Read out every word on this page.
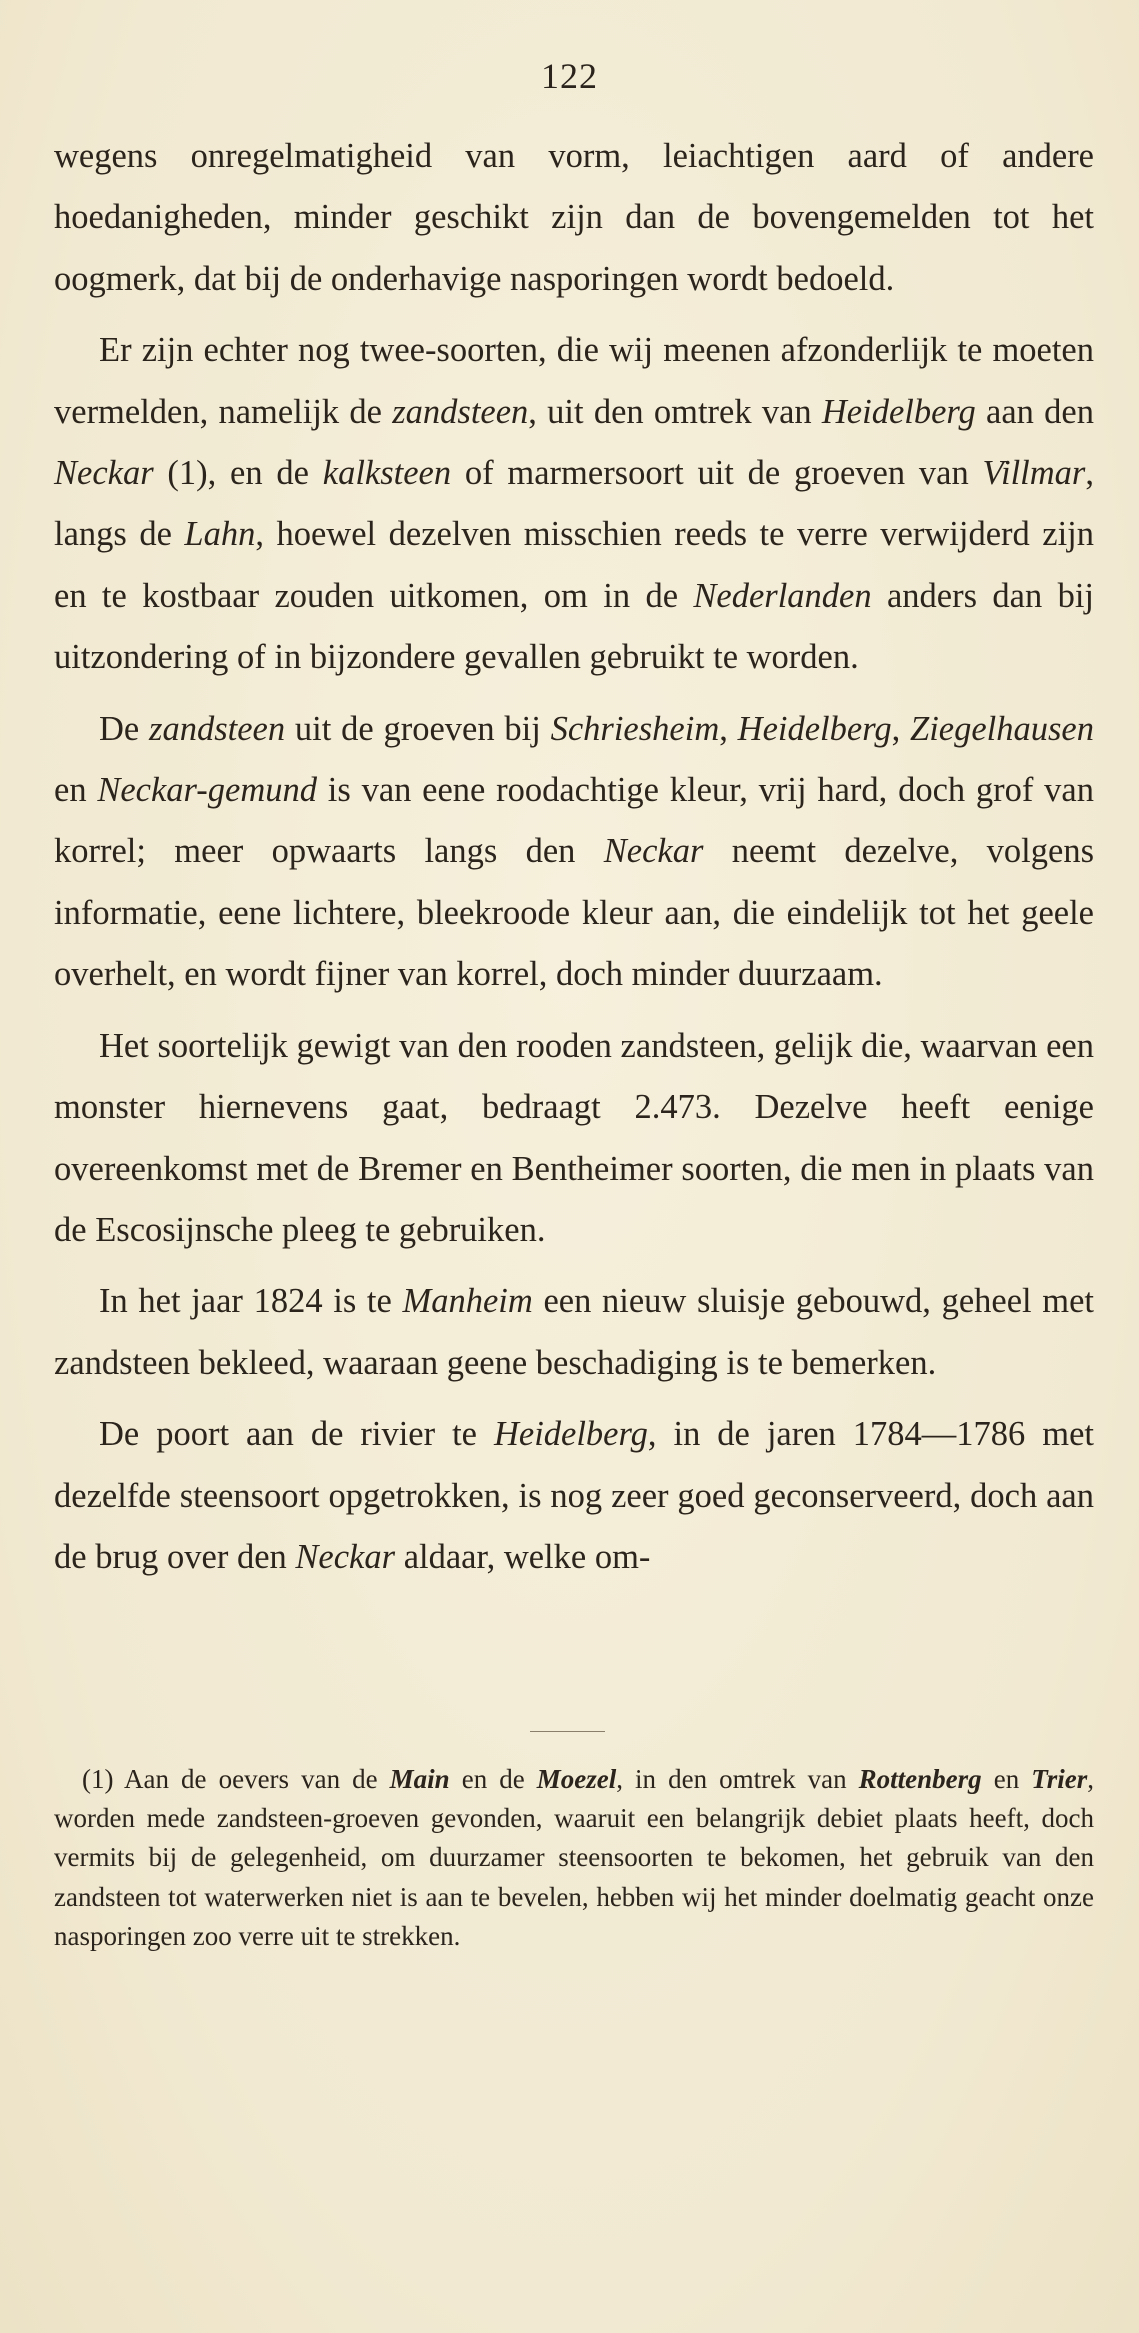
122

wegens onregelmatigheid van vorm, leiachtigen aard of andere hoedanigheden, minder geschikt zijn dan de bovengemelden tot het oogmerk, dat bij de onderhavige nasporingen wordt bedoeld.

Er zijn echter nog twee-soorten, die wij meenen afzonderlijk te moeten vermelden, namelijk de zandsteen, uit den omtrek van Heidelberg aan den Neckar (1), en de kalksteen of marmersoort uit de groeven van Villmar, langs de Lahn, hoewel dezelven misschien reeds te verre verwijderd zijn en te kostbaar zouden uitkomen, om in de Nederlanden anders dan bij uitzondering of in bijzondere gevallen gebruikt te worden.

De zandsteen uit de groeven bij Schriesheim, Heidelberg, Ziegelhausen en Neckar-gemund is van eene roodachtige kleur, vrij hard, doch grof van korrel; meer opwaarts langs den Neckar neemt dezelve, volgens informatie, eene lichtere, bleekroode kleur aan, die eindelijk tot het geele overhelt, en wordt fijner van korrel, doch minder duurzaam.

Het soortelijk gewigt van den rooden zandsteen, gelijk die, waarvan een monster hiernevens gaat, bedraagt 2.473. Dezelve heeft eenige overeenkomst met de Bremer en Bentheimer soorten, die men in plaats van de Escosijnsche pleeg te gebruiken.

In het jaar 1824 is te Manheim een nieuw sluisje gebouwd, geheel met zandsteen bekleed, waaraan geene beschadiging is te bemerken.

De poort aan de rivier te Heidelberg, in de jaren 1784—1786 met dezelfde steensoort opgetrokken, is nog zeer goed geconserveerd, doch aan de brug over den Neckar aldaar, welke om-

(1) Aan de oevers van de Main en de Moezel, in den omtrek van Rottenberg en Trier, worden mede zandsteen-groeven gevonden, waaruit een belangrijk debiet plaats heeft, doch vermits bij de gelegenheid, om duurzamer steensoorten te bekomen, het gebruik van den zandsteen tot waterwerken niet is aan te bevelen, hebben wij het minder doelmatig geacht onze nasporingen zoo verre uit te strekken.
